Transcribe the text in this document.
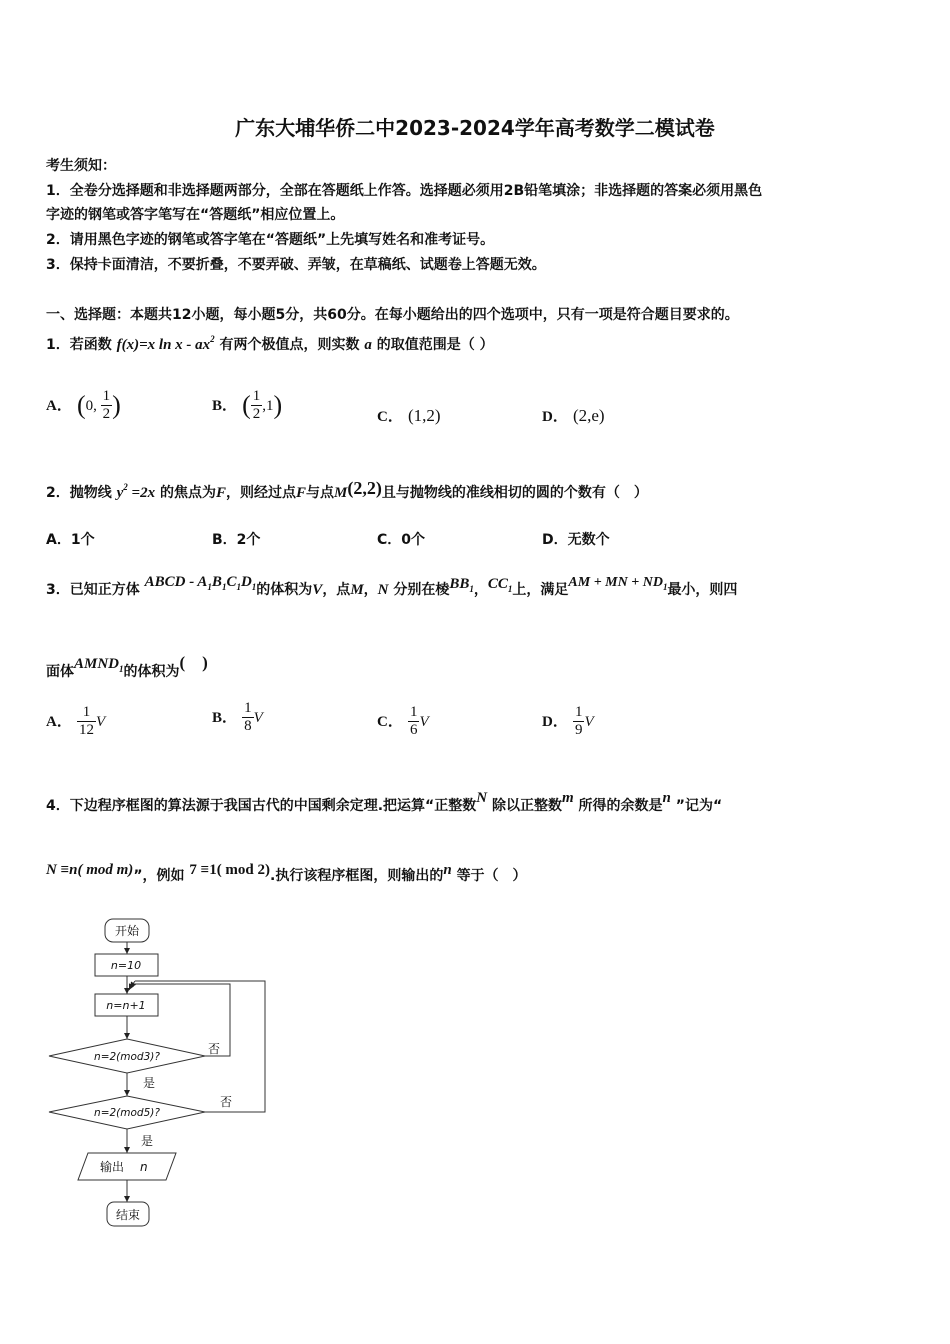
广东大埔华侨二中2023-2024学年高考数学二模试卷
考生须知：
1．全卷分选择题和非选择题两部分，全部在答题纸上作答。选择题必须用2B铅笔填涂；非选择题的答案必须用黑色
字迹的钢笔或答字笔写在“答题纸”相应位置上。
2．请用黑色字迹的钢笔或答字笔在“答题纸”上先填写姓名和准考证号。
3．保持卡面清洁，不要折叠，不要弄破、弄皱，在草稿纸、试题卷上答题无效。
一、选择题：本题共12小题，每小题5分，共60分。在每小题给出的四个选项中，只有一项是符合题目要求的。
1．若函数 f(x)=x ln x - $ax^2$ 有两个极值点，则实数 a 的取值范围是（ ）
A． (0, $\frac{1}{2}$ )	B． ( $\frac{1}{2} ,1$)	C． (1,2)	D． (2,e)
2．抛物线 $y^2 =2x$ 的焦点为F，则经过点F与点M(2,2)且与抛物线的准线相切的圆的个数有（　）
A．1个	B．2个	C．0个	D．无数个
3．已知正方体 ABCD - $A_1B_1C_1D_1$的体积为V，点M，N 分别在棱$BB_1$，$CC_1$上，满足AM + MN + $ND_1$最小，则四
面体$AMND_1$的体积为(　)
A． $\frac{1}{12}$ V	B． $\frac{1}{8}$ V	C． $\frac{1}{6}$ V	D． $\frac{1}{9}$ V
4．下边程序框图的算法源于我国古代的中国剩余定理.把运算“正整数N 除以正整数m 所得的余数是n ”记为“
N ≡n( mod m)”，例如 7 ≡1( mod 2).执行该程序框图，则输出的n 等于（　）
开始
n=10
n=n+1
n=2(mod3)?
n=2(mod5)?
是
是
否
否
输出 n
结束
